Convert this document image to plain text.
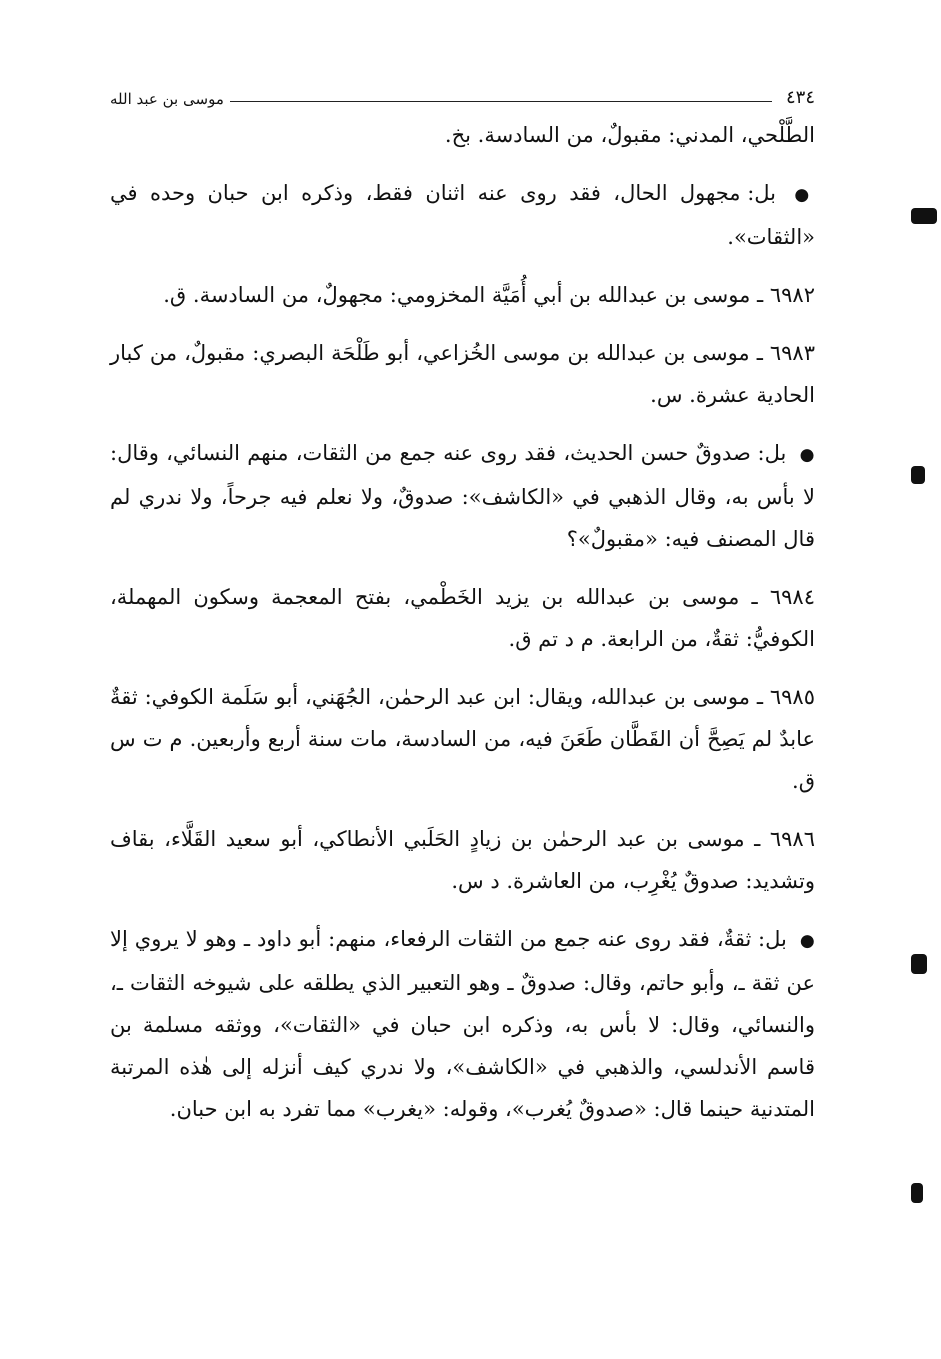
٤٣٤
موسى بن عبد الله

الطَّلْحي، المدني: مقبولٌ، من السادسة. بخ.

● بل: مجهول الحال، فقد روى عنه اثنان فقط، وذكره ابن حبان وحده في «الثقات».

٦٩٨٢ ـ موسى بن عبدالله بن أبي أُمَيَّة المخزومي: مجهولٌ، من السادسة. ق.

٦٩٨٣ ـ موسى بن عبدالله بن موسى الخُزاعي، أبو طَلْحَة البصري: مقبولٌ، من كبار الحادية عشرة. س.

● بل: صدوقٌ حسن الحديث، فقد روى عنه جمع من الثقات، منهم النسائي، وقال: لا بأس به، وقال الذهبي في «الكاشف»: صدوقٌ، ولا نعلم فيه جرحاً، ولا ندري لم قال المصنف فيه: «مقبولٌ»؟

٦٩٨٤ ـ موسى بن عبدالله بن يزيد الخَطْمي، بفتح المعجمة وسكون المهملة، الكوفيُّ: ثقةٌ، من الرابعة. م د تم ق.

٦٩٨٥ ـ موسى بن عبدالله، ويقال: ابن عبد الرحمٰن، الجُهَني، أبو سَلَمة الكوفي: ثقةٌ عابدٌ لم يَصِحَّ أن القَطَّان طَعَنَ فيه، من السادسة، مات سنة أربع وأربعين. م ت س ق.

٦٩٨٦ ـ موسى بن عبد الرحمٰن بن زيادٍ الحَلَبي الأنطاكي، أبو سعيد القَلَّاء، بقاف وتشديد: صدوقٌ يُغْرِب، من العاشرة. د س.

● بل: ثقةٌ، فقد روى عنه جمع من الثقات الرفعاء، منهم: أبو داود ـ وهو لا يروي إلا عن ثقة ـ، وأبو حاتم، وقال: صدوقٌ ـ وهو التعبير الذي يطلقه على شيوخه الثقات ـ، والنسائي، وقال: لا بأس به، وذكره ابن حبان في «الثقات»، ووثقه مسلمة بن قاسم الأندلسي، والذهبي في «الكاشف»، ولا ندري كيف أنزله إلى هٰذه المرتبة المتدنية حينما قال: «صدوقٌ يُغرب»، وقوله: «يغرب» مما تفرد به ابن حبان.
